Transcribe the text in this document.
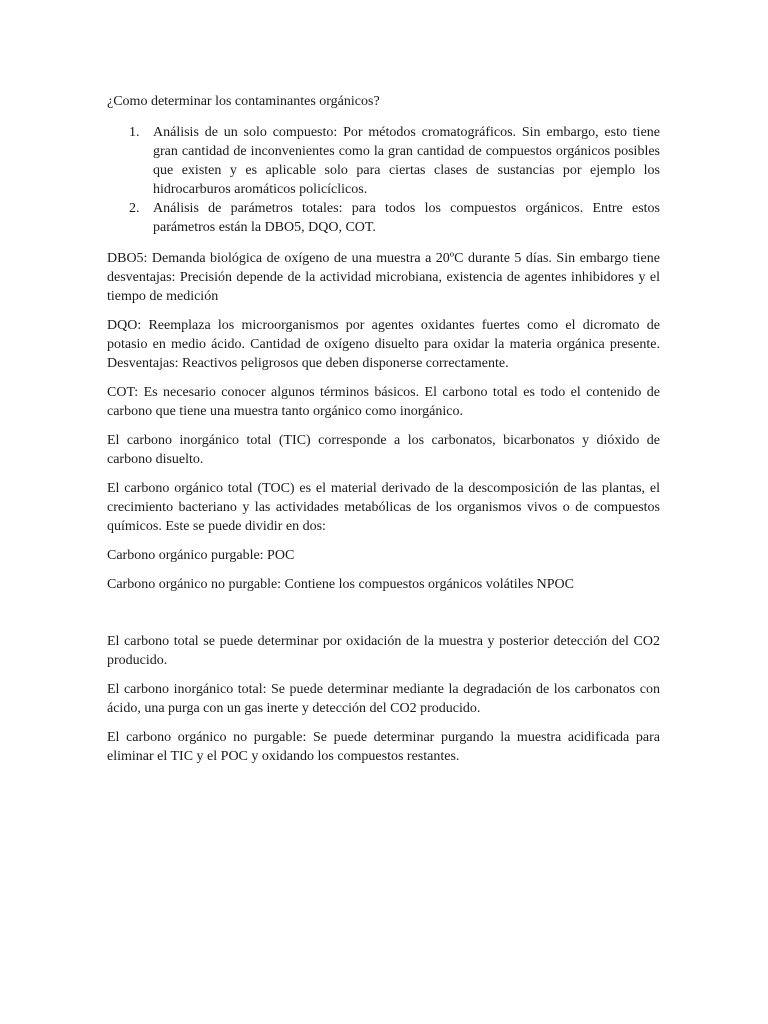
¿Como determinar los contaminantes orgánicos?

1. Análisis de un solo compuesto: Por métodos cromatográficos. Sin embargo, esto tiene gran cantidad de inconvenientes como la gran cantidad de compuestos orgánicos posibles que existen y es aplicable solo para ciertas clases de sustancias por ejemplo los hidrocarburos aromáticos policíclicos.
2. Análisis de parámetros totales: para todos los compuestos orgánicos. Entre estos parámetros están la DBO5, DQO, COT.

DBO5: Demanda biológica de oxígeno de una muestra a 20ºC durante 5 días. Sin embargo tiene desventajas: Precisión depende de la actividad microbiana, existencia de agentes inhibidores y el tiempo de medición

DQO: Reemplaza los microorganismos por agentes oxidantes fuertes como el dicromato de potasio en medio ácido. Cantidad de oxígeno disuelto para oxidar la materia orgánica presente. Desventajas: Reactivos peligrosos que deben disponerse correctamente.

COT: Es necesario conocer algunos términos básicos. El carbono total es todo el contenido de carbono que tiene una muestra tanto orgánico como inorgánico.

El carbono inorgánico total (TIC) corresponde a los carbonatos, bicarbonatos y dióxido de carbono disuelto.

El carbono orgánico total (TOC) es el material derivado de la descomposición de las plantas, el crecimiento bacteriano y las actividades metabólicas de los organismos vivos o de compuestos químicos. Este se puede dividir en dos:

Carbono orgánico purgable: POC

Carbono orgánico no purgable: Contiene los compuestos orgánicos volátiles NPOC

El carbono total se puede determinar por oxidación de la muestra y posterior detección del CO2 producido.

El carbono inorgánico total: Se puede determinar mediante la degradación de los carbonatos con ácido, una purga con un gas inerte y detección del CO2 producido.

El carbono orgánico no purgable: Se puede determinar purgando la muestra acidificada para eliminar el TIC y el POC y oxidando los compuestos restantes.
